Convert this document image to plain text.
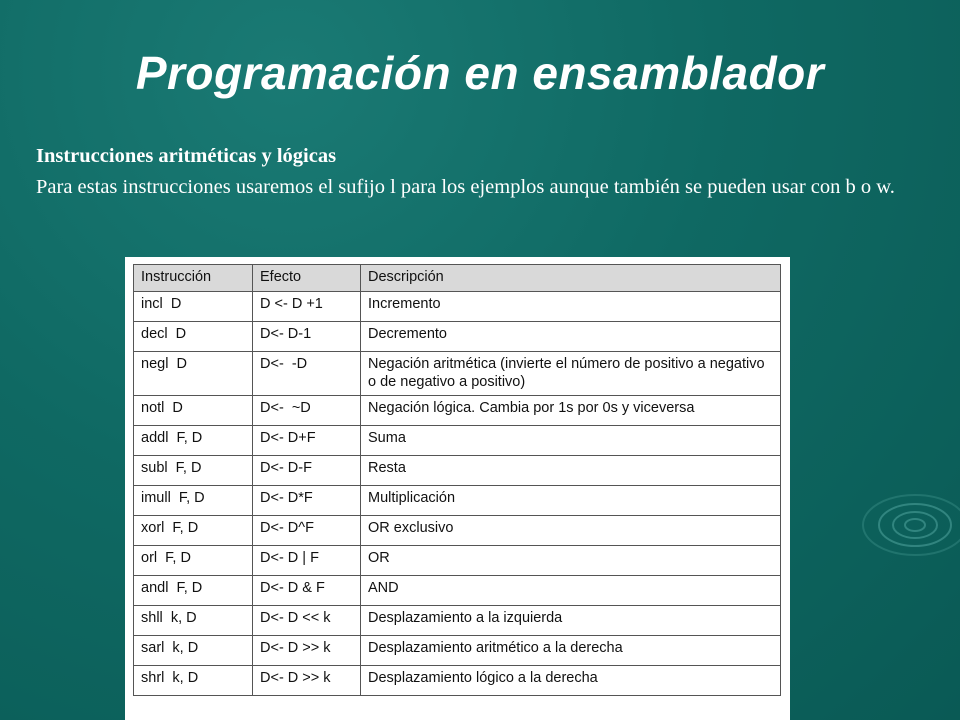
Programación en ensamblador
Instrucciones aritméticas y lógicas
Para estas instrucciones usaremos el sufijo l para los ejemplos aunque también se pueden usar con b o w.
Instrucción	Efecto	Descripción
incl  D	D <- D +1	Incremento
decl  D	D<- D-1	Decremento
negl  D	D<-  -D	Negación aritmética (invierte el número de positivo a negativo o de negativo a positivo)
notl  D	D<-  ~D	Negación lógica. Cambia por 1s por 0s y viceversa
addl  F, D	D<- D+F	Suma
subl  F, D	D<- D-F	Resta
imull  F, D	D<- D*F	Multiplicación
xorl  F, D	D<- D^F	OR exclusivo
orl  F, D	D<- D | F	OR
andl  F, D	D<- D & F	AND
shll  k, D	D<- D << k	Desplazamiento a la izquierda
sarl  k, D	D<- D >> k	Desplazamiento aritmético a la derecha
shrl  k, D	D<- D >> k	Desplazamiento lógico a la derecha
